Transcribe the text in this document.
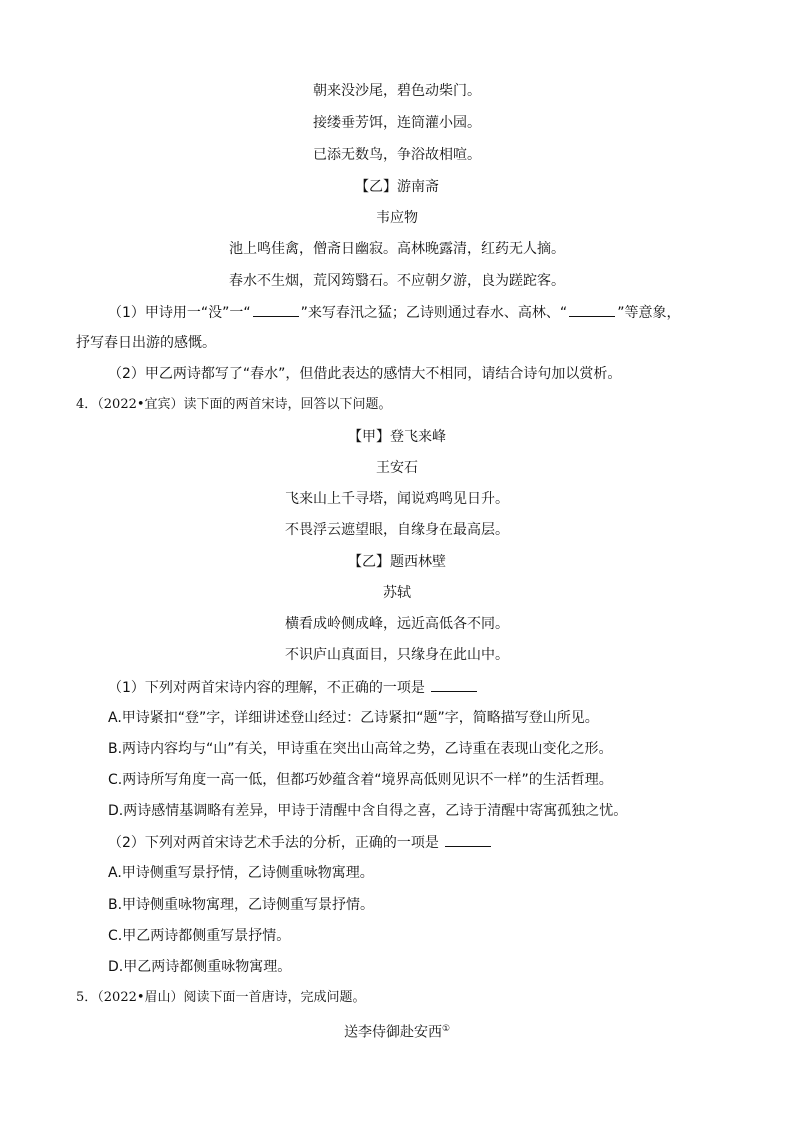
朝来没沙尾，碧色动柴门。
接缕垂芳饵，连筒灌小园。
已添无数鸟，争浴故相喧。
【乙】游南斋
韦应物
池上鸣佳禽，僧斋日幽寂。高林晚露清，红药无人摘。
春水不生烟，荒冈筠翳石。不应朝夕游，良为蹉跎客。
（1）甲诗用一“没”一“	”来写春汛之猛；乙诗则通过春水、高林、“	”等意象，
抒写春日出游的感慨。
（2）甲乙两诗都写了“春水”，但借此表达的感情大不相同，请结合诗句加以赏析。
4．（2022•宜宾）读下面的两首宋诗，回答以下问题。
【甲】登飞来峰
王安石
飞来山上千寻塔，闻说鸡鸣见日升。
不畏浮云遮望眼，自缘身在最高层。
【乙】题西林壁
苏轼
横看成岭侧成峰，远近高低各不同。
不识庐山真面目，只缘身在此山中。
（1）下列对两首宋诗内容的理解，不正确的一项是
A.甲诗紧扣“登”字，详细讲述登山经过：乙诗紧扣“题”字，简略描写登山所见。
B.两诗内容均与“山”有关，甲诗重在突出山高耸之势，乙诗重在表现山变化之形。
C.两诗所写角度一高一低，但都巧妙蕴含着“境界高低则见识不一样”的生活哲理。
D.两诗感情基调略有差异，甲诗于清醒中含自得之喜，乙诗于清醒中寄寓孤独之忧。
（2）下列对两首宋诗艺术手法的分析，正确的一项是
A.甲诗侧重写景抒情，乙诗侧重咏物寓理。
B.甲诗侧重咏物寓理，乙诗侧重写景抒情。
C.甲乙两诗都侧重写景抒情。
D.甲乙两诗都侧重咏物寓理。
5．（2022•眉山）阅读下面一首唐诗，完成问题。
送李侍御赴安西①
